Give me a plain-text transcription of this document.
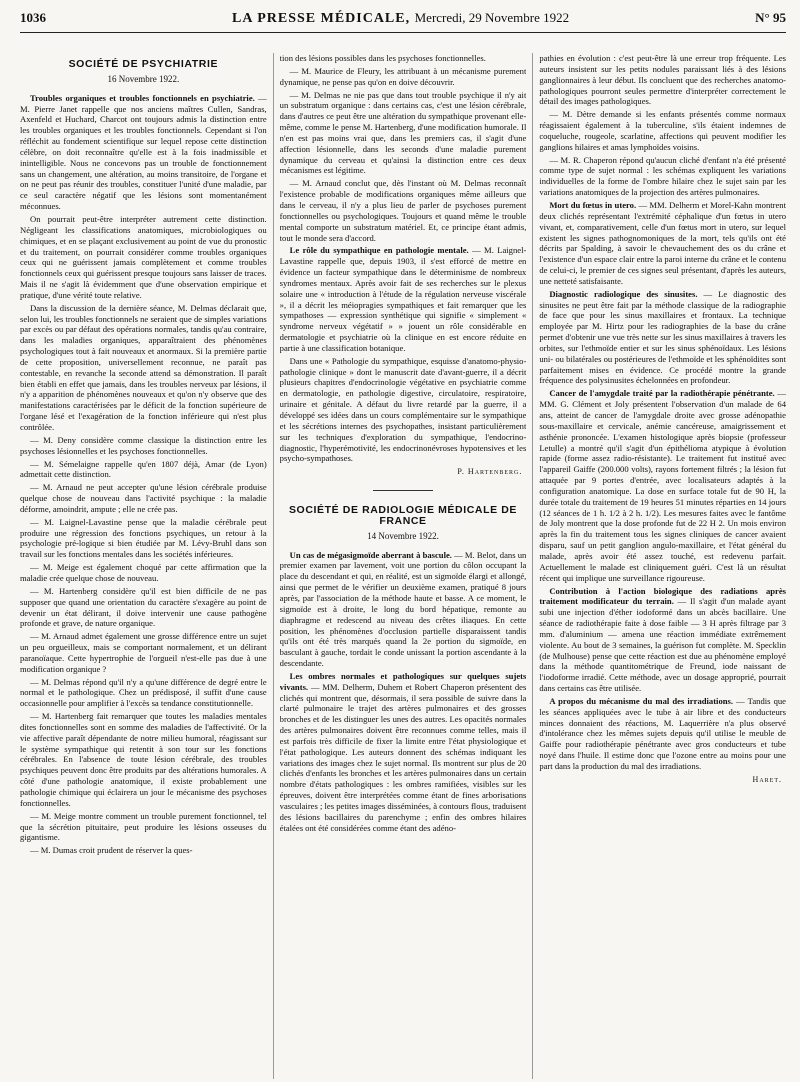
1036	LA PRESSE MÉDICALE, Mercredi, 29 Novembre 1922	N° 95
SOCIÉTÉ DE PSYCHIATRIE
16 Novembre 1922.

Troubles organiques et troubles fonctionnels en psychiatrie. — M. Pierre Janet rappelle que nos anciens maîtres Cullen, Sandras, Axenfeld et Huchard, Charcot ont toujours admis la distinction entre les troubles organiques et les troubles fonctionnels. Cependant si l'on réfléchit au fondement scientifique sur lequel repose cette distinction célèbre, on doit reconnaître qu'elle est à la fois inadmissible et inintelligible. Nous ne concevons pas un trouble de fonctionnement sans un changement, une altération, au moins transitoire, de l'organe et on ne peut pas réunir des troubles, constituer l'unité d'une maladie, par ce seul caractère négatif que les lésions sont momentanément méconnues.

On pourrait peut-être interpréter autrement cette distinction. Négligeant les classifications anatomiques, microbiologiques ou chimiques, et en se plaçant exclusivement au point de vue du pronostic et du traitement, on pourrait considérer comme troubles organiques ceux qui ne guérissent jamais complètement et comme troubles fonctionnels ceux qui guérissent presque toujours sans laisser de traces. Mais il ne s'agit là évidemment que d'une observation empirique et pratique, d'une vérité toute relative.

Dans la discussion de la dernière séance, M. Delmas déclarait que, selon lui, les troubles fonctionnels ne seraient que de simples variations par excès ou par défaut des opérations normales, tandis qu'au contraire, dans les maladies organiques, apparaîtraient des phénomènes psychologiques tout à fait nouveaux et anormaux. Si la première partie de cette proposition, universellement reconnue, ne paraît pas contestable, en revanche la seconde attend sa démonstration. Il paraît bien établi en effet que jamais, dans les troubles nerveux par lésions, il n'y a apparition de phénomènes nouveaux et qu'on n'y observe que des manifestations caractérisées par le déficit de la fonction supérieure de l'organe lésé et l'exagération de la fonction inférieure qui n'est plus contrôlée.

— M. Deny considère comme classique la distinction entre les psychoses lésionnelles et les psychoses fonctionnelles.

— M. Sémelaigne rappelle qu'en 1807 déjà, Amar (de Lyon) admettait cette distinction.

— M. Arnaud ne peut accepter qu'une lésion cérébrale produise quelque chose de nouveau dans l'activité psychique : la maladie déforme, amoindrit, ampute ; elle ne crée pas.

— M. Laignel-Lavastine pense que la maladie cérébrale peut produire une régression des fonctions psychiques, un retour à la psychologie pré-logique si bien étudiée par M. Lévy-Bruhl dans son travail sur les fonctions mentales dans les sociétés inférieures.

— M. Meige est également choqué par cette affirmation que la maladie crée quelque chose de nouveau.

— M. Hartenberg considère qu'il est bien difficile de ne pas supposer que quand une orientation du caractère s'exagère au point de devenir un état délirant, il doive intervenir une cause pathogène profonde et grave, de nature organique.

— M. Arnaud admet également une grosse différence entre un sujet un peu orgueilleux, mais se comportant normalement, et un délirant paranoïaque. Cette hypertrophie de l'orgueil n'est-elle pas due à une modification organique ?

— M. Delmas répond qu'il n'y a qu'une différence de degré entre le normal et le pathologique. Chez un prédisposé, il suffit d'une cause occasionnelle pour amplifier à l'excès sa tendance constitutionnelle.

— M. Hartenberg fait remarquer que toutes les maladies mentales dites fonctionnelles sont en somme des maladies de l'affectivité. Or la vie affective paraît dépendante de notre milieu humoral, réagissant sur le système sympathique qui retentit à son tour sur les fonctions cérébrales. En l'absence de toute lésion cérébrale, des troubles psychiques peuvent donc être produits par des altérations humorales. A côté d'une pathologie anatomique, il existe probablement une pathologie chimique qui éclairera un jour le mécanisme des psychoses fonctionnelles.

— M. Meige montre comment un trouble purement fonctionnel, tel que la sécrétion pituitaire, peut produire les lésions osseuses du gigantisme.

— M. Dumas croit prudent de réserver la ques-

tion des lésions possibles dans les psychoses fonctionnelles.

— M. Maurice de Fleury, les attribuant à un mécanisme purement dynamique, ne pense pas qu'on en doive découvrir.

— M. Delmas ne nie pas que dans tout trouble psychique il n'y ait un substratum organique : dans certains cas, c'est une lésion cérébrale, dans d'autres ce peut être une altération du sympathique provenant elle-même, comme le pense M. Hartenberg, d'une modification humorale. Il n'en est pas moins vrai que, dans les premiers cas, il s'agit d'une affection lésionnelle, dans les seconds d'une maladie purement dynamique du cerveau et qu'ainsi la distinction entre ces deux mécanismes est légitime.

— M. Arnaud conclut que, dès l'instant où M. Delmas reconnaît l'existence probable de modifications organiques même ailleurs que dans le cerveau, il n'y a plus lieu de parler de psychoses purement fonctionnelles ou psychologiques. Toujours et quand même le trouble mental comporte un substratum matériel. Et, ce principe étant admis, tout le monde sera d'accord.

Le rôle du sympathique en pathologie mentale. — M. Laignel-Lavastine rappelle que, depuis 1903, il s'est efforcé de mettre en évidence un facteur sympathique dans le déterminisme de nombreux syndromes mentaux. Après avoir fait de ses recherches sur le plexus solaire une « introduction à l'étude de la régulation nerveuse viscérale », il a décrit les méiopragies sympathiques et fait remarquer que les sympathoses — expression synthétique qui signifie « simplement « syndrome nerveux végétatif » » jouent un rôle considérable en dermatologie et psychiatrie où la clinique en est encore réduite en partie à une classification botanique.

Dans une « Pathologie du sympathique, esquisse d'anatomo-physio-pathologie clinique » dont le manuscrit date d'avant-guerre, il a décrit plusieurs chapitres d'endocrinologie végétative en psychiatrie comme en dermatologie, en pathologie digestive, circulatoire, respiratoire, urinaire et génitale. A défaut du livre retardé par la guerre, il a développé ses idées dans un cours complémentaire sur le sympathique et les sécrétions internes des psychopathes, insistant particulièrement sur les techniques d'exploration du sympathique, l'endocrino-diagnostic, l'hyperémotivité, les endocrinonévroses hypotensives et les psycho-sympathoses.

P. Hartenberg.
SOCIÉTÉ DE RADIOLOGIE MÉDICALE DE FRANCE
14 Novembre 1922.

Un cas de mégasigmoïde aberrant à bascule. — M. Belot, dans un premier examen par lavement, voit une portion du côlon occupant la place du descendant et qui, en réalité, est un sigmoïde élargi et allongé, ainsi que permet de le vérifier un deuxième examen, pratiqué 8 jours après, par l'association de la méthode haute et basse. A ce moment, le sigmoïde est à droite, le long du bord hépatique, remonte au diaphragme et redescend au niveau des crêtes iliaques. En cette position, les phénomènes d'occlusion partielle disparaissent tandis qu'ils ont été très marqués quand la 2e portion du sigmoïde, en basculant à gauche, tordait le conde unissant la portion ascendante à la descendante.

Les ombres normales et pathologiques sur quelques sujets vivants. — MM. Delherm, Duhem et Robert Chaperon présentent des clichés qui montrent que, désormais, il sera possible de suivre dans la clarté pulmonaire le trajet des artères pulmonaires et des grosses bronches et de les distinguer les unes des autres. Les opacités normales des artères pulmonaires doivent être reconnues comme telles, mais il est parfois très difficile de fixer la limite entre l'état physiologique et l'état pathologique. Les auteurs donnent des schémas indiquant les variations des images chez le sujet normal. Ils montrent sur plus de 20 clichés d'enfants les bronches et les artères pulmonaires dans un certain nombre d'états pathologiques : les ombres ramifiées, visibles sur les épreuves, doivent être interprétées comme étant de fines arborisations vasculaires ; les petites images disséminées, à contours flous, traduisent des lésions bacillaires du parenchyme ; enfin des ombres hilaires étalées ont été considérées comme étant des adéno-

pathies en évolution : c'est peut-être là une erreur trop fréquente. Les auteurs insistent sur les petits nodules paraissant liés à des lésions ganglionnaires à leur début. Ils concluent que des recherches anatomo-pathologiques pourront seules permettre d'interpréter correctement le détail des images pathologiques.

— M. Dètre demande si les enfants présentés comme normaux réagissaient également à la tuberculine, s'ils étaient indemnes de coqueluche, rougeole, scarlatine, affections qui peuvent modifier les ganglions hilaires et amas lymphoïdes voisins.

— M. R. Chaperon répond qu'aucun cliché d'enfant n'a été présenté comme type de sujet normal : les schémas expliquent les variations individuelles de la forme de l'ombre hilaire chez le sujet sain par les variations anatomiques de la projection des artères pulmonaires.

Mort du fœtus in utero. — MM. Delherm et Morel-Kahn montrent deux clichés représentant l'extrémité céphalique d'un fœtus in utero vivant, et, comparativement, celle d'un fœtus mort in utero, sur lequel existent les signes pathognomoniques de la mort, tels qu'ils ont été décrits par Spalding, à savoir le chevauchement des os du crâne et l'existence d'un espace clair entre la paroi interne du crâne et le contenu de celui-ci, le premier de ces signes seul présentant, d'après les auteurs, une netteté satisfaisante.

Diagnostic radiologique des sinusites. — Le diagnostic des sinusites ne peut être fait par la méthode classique de la radiographie de face que pour les sinus maxillaires et frontaux. La technique employée par M. Hirtz pour les radiographies de la base du crâne permet d'obtenir une vue très nette sur les sinus maxillaires à travers les orbites, sur l'ethmoïde entier et sur les sinus sphénoïdaux. Les lésions uni- ou bilatérales ou postérieures de l'ethmoïde et les sphénoïdites sont parfaitement mises en évidence. Ce procédé montre la grande fréquence des polysinusites échelonnées en profondeur.

Cancer de l'amygdale traité par la radiothérapie pénétrante. — MM. G. Clément et Joly présentent l'observation d'un malade de 64 ans, atteint de cancer de l'amygdale droite avec grosse adénopathie sous-maxillaire et cervicale, anémie cancéreuse, amaigrissement et asthénie prononcée. L'examen histologique après biopsie (professeur Letulle) a montré qu'il s'agit d'un épithélioma atypique à évolution rapide (forme assez radio-résistante). Le traitement fut institué avec l'appareil Gaiffe (200.000 volts), rayons fortement filtrés ; la lésion fut attaquée par 9 portes d'entrée, avec localisateurs adaptés à la configuration anatomique. La dose en surface totale fut de 90 H, la durée totale du traitement de 19 heures 51 minutes réparties en 14 jours (12 séances de 1 h. 1/2 à 2 h. 1/2). Les mesures faites avec le fantôme de Joly montrent que la dose profonde fut de 22 H 2. Un mois environ après la fin du traitement tous les signes cliniques de cancer avaient disparu, sauf un petit ganglion angulo-maxillaire, et l'état général du malade, après avoir été assez touché, est redevenu parfait. Actuellement le malade est cliniquement guéri. C'est là un résultat récent qui implique une surveillance rigoureuse.

Contribution à l'action biologique des radiations après traitement modificateur du terrain. — Il s'agit d'un malade ayant subi une injection d'éther iodoformé dans un abcès bacillaire. Une séance de radiothérapie faite à dose faible — 3 H après filtrage par 3 mm. d'aluminium — amena une réaction immédiate extrêmement violente. Au bout de 3 semaines, la guérison fut complète. M. Specklin (de Mulhouse) pense que cette réaction est due au phénomène employé dans la méthode quantitométrique de Freund, iode naissant de l'iodoforme irradié. Cette méthode, avec un dosage approprié, pourrait dans certains cas être utilisée.

A propos du mécanisme du mal des irradiations. — Tandis que les séances appliquées avec le tube à air libre et des conducteurs minces donnaient des réactions, M. Laquerrière n'a plus observé d'intolérance chez les mêmes sujets depuis qu'il utilise le meuble de Gaiffe pour radiothérapie pénétrante avec gros conducteurs et tube noyé dans l'huile. Il estime donc que l'ozone entre au moins pour une part dans la production du mal des irradiations.

Haret.
